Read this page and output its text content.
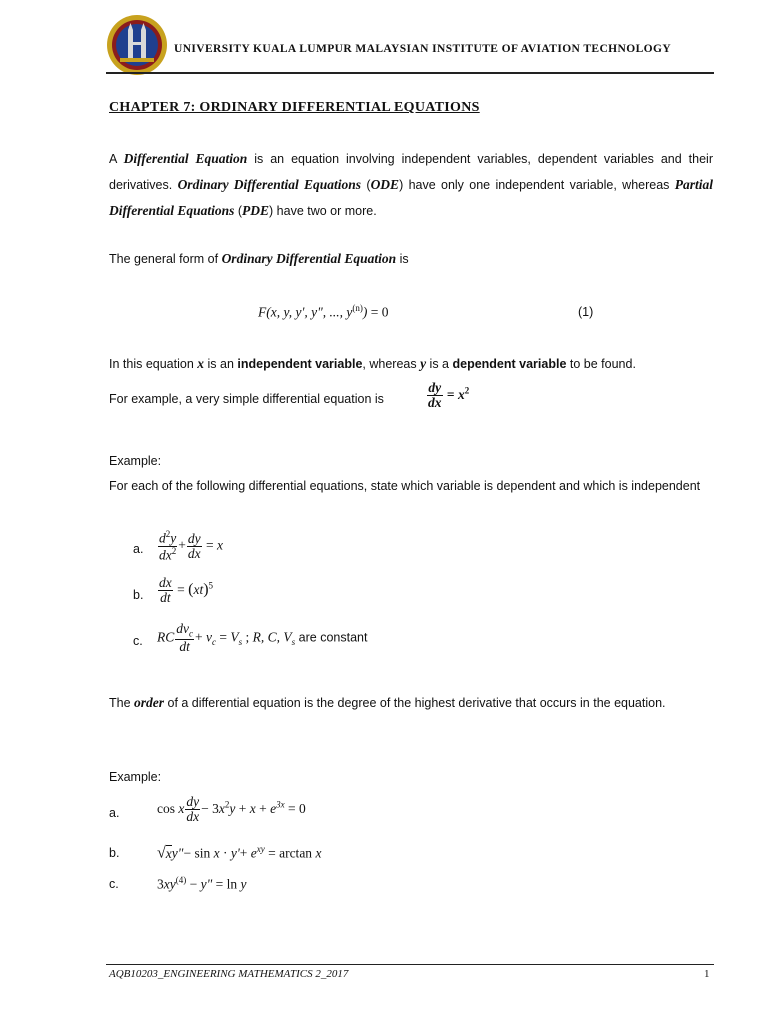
UNIVERSITY KUALA LUMPUR MALAYSIAN INSTITUTE OF AVIATION TECHNOLOGY
CHAPTER 7: ORDINARY DIFFERENTIAL EQUATIONS
A Differential Equation is an equation involving independent variables, dependent variables and their derivatives. Ordinary Differential Equations (ODE) have only one independent variable, whereas Partial Differential Equations (PDE) have two or more.
The general form of Ordinary Differential Equation is
F(x, y, y', y", ..., $y^{(n)}) = 0$	(1)
In this equation x is an independent variable, whereas y is a dependent variable to be found.
For example, a very simple differential equation is	$\frac{dy}{dx} = x^2$
Example:
For each of the following differential equations, state which variable is dependent and which is independent
a. $\frac{d^2y}{dx^2} + \frac{dy}{dx} = x$
b. $\frac{dx}{dt} = (xt)^5$
c. RC $\frac{dv_c}{dt} + v_c = V_s$ ; R, C, $V_s$ are constant
The order of a differential equation is the degree of the highest derivative that occurs in the equation.
Example:
a.	cos x $\frac{dy}{dx} - 3x^2y + x + e^{3x} = 0$
b. √xy"− $\sin x \cdot y'+ e^{xy} = \arctan x$
c.	$3xy^{(4)} - y$" = ln y
AQB10203_ENGINEERING MATHEMATICS 2_2017	1
